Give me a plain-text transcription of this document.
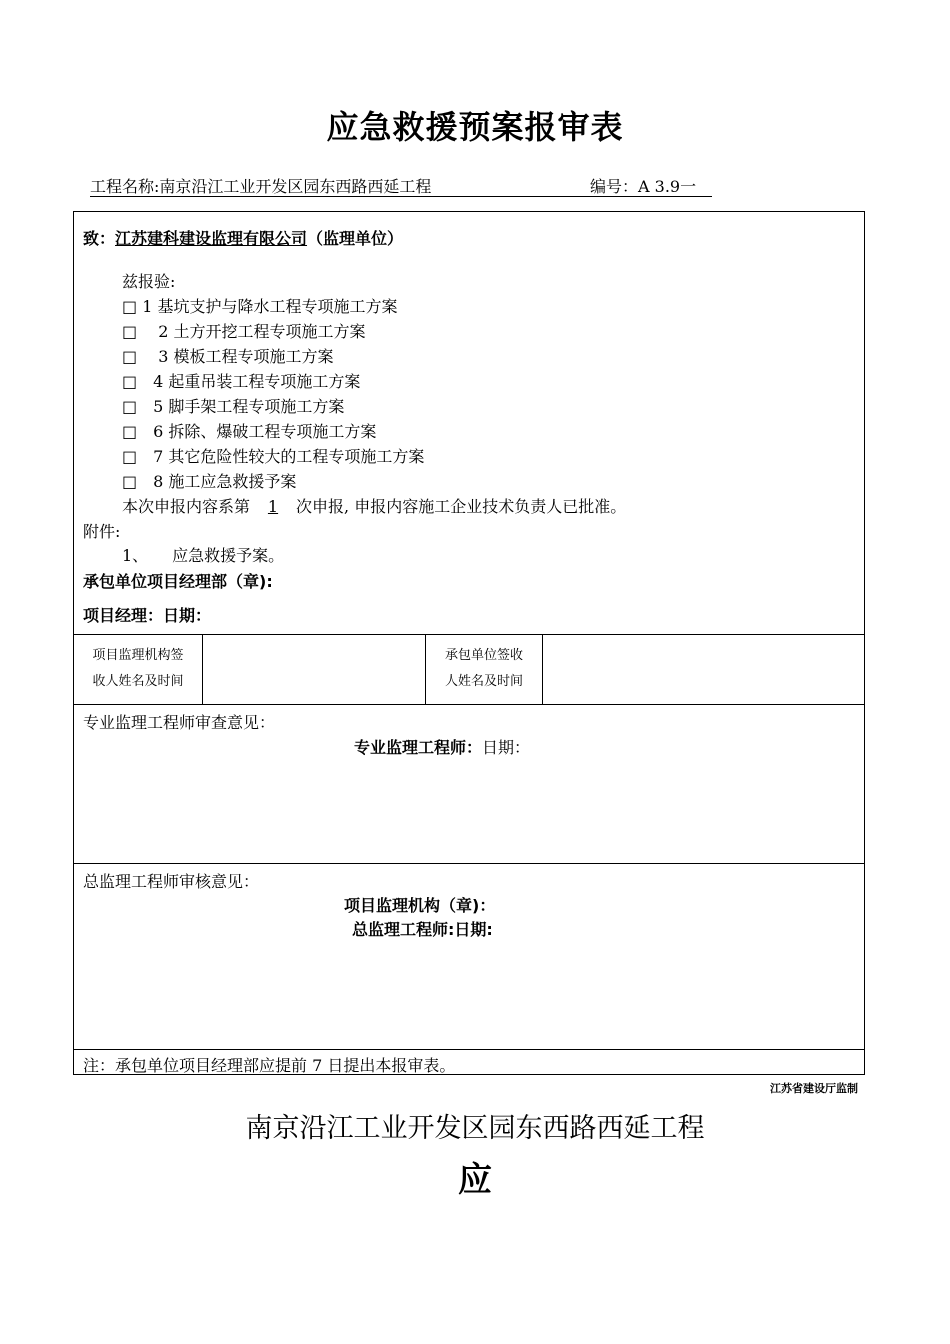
应急救援预案报审表
工程名称:南京沿江工业开发区园东西路西延工程	编号：A 3.9一
致：江苏建科建设监理有限公司（监理单位）
兹报验:
□ 1 基坑支护与降水工程专项施工方案
□　 2 土方开挖工程专项施工方案
□　 3 模板工程专项施工方案
□　4 起重吊装工程专项施工方案
□　5 脚手架工程专项施工方案
□　6 拆除、爆破工程专项施工方案
□　7 其它危险性较大的工程专项施工方案
□　8 施工应急救援予案
本次申报内容系第 1 次申报, 申报内容施工企业技术负责人已批准。
附件:
1、　　应急救援予案。
承包单位项目经理部（章):
项目经理：日期：
项目监理机构签
收人姓名及时间
承包单位签收
人姓名及时间
专业监理工程师审查意见：
专业监理工程师：日期：
总监理工程师审核意见：
项目监理机构（章)：
总监理工程师:日期:
注：承包单位项目经理部应提前 7 日提出本报审表。
江苏省建设厅监制
南京沿江工业开发区园东西路西延工程
应
